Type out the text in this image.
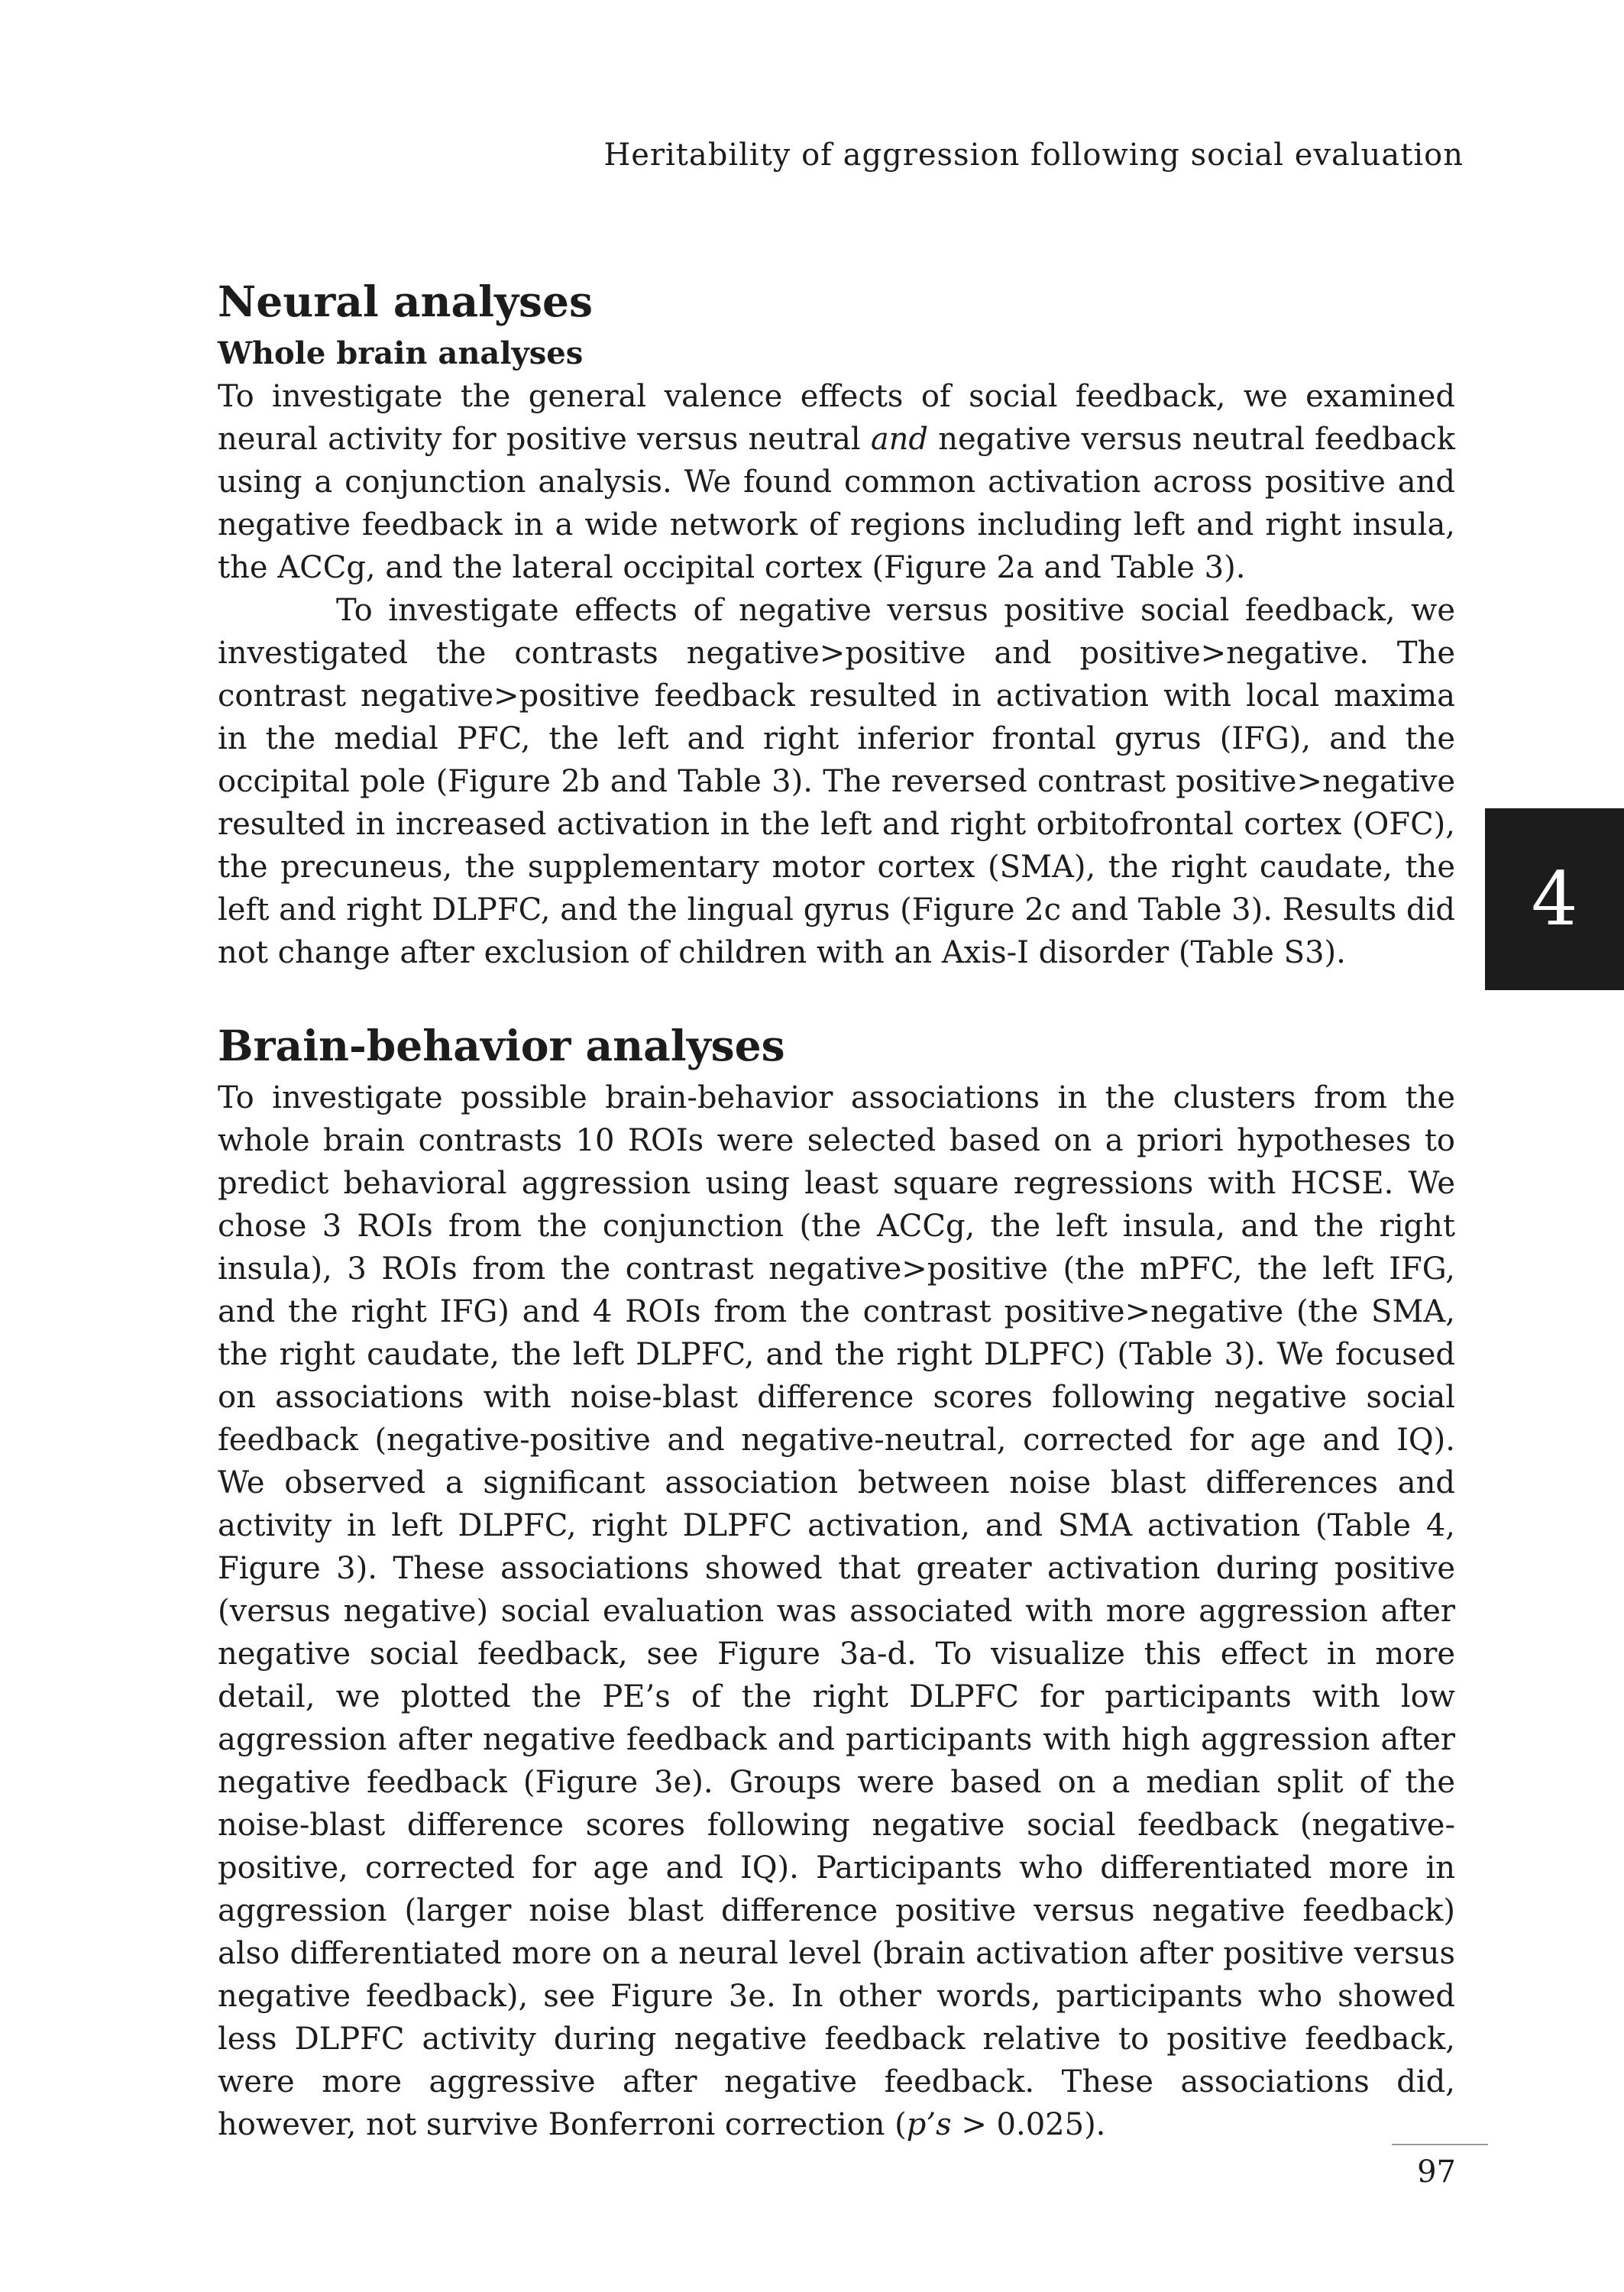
Heritability of aggression following social evaluation
Neural analyses
Whole brain analyses

To investigate the general valence effects of social feedback, we examined neural activity for positive versus neutral and negative versus neutral feedback using a conjunction analysis. We found common activation across positive and negative feedback in a wide network of regions including left and right insula, the ACCg, and the lateral occipital cortex (Figure 2a and Table 3).

To investigate effects of negative versus positive social feedback, we investigated the contrasts negative>positive and positive>negative. The contrast negative>positive feedback resulted in activation with local maxima in the medial PFC, the left and right inferior frontal gyrus (IFG), and the occipital pole (Figure 2b and Table 3). The reversed contrast positive>negative resulted in increased activation in the left and right orbitofrontal cortex (OFC), the precuneus, the supplementary motor cortex (SMA), the right caudate, the left and right DLPFC, and the lingual gyrus (Figure 2c and Table 3). Results did not change after exclusion of children with an Axis-I disorder (Table S3).

Brain-behavior analyses

To investigate possible brain-behavior associations in the clusters from the whole brain contrasts 10 ROIs were selected based on a priori hypotheses to predict behavioral aggression using least square regressions with HCSE. We chose 3 ROIs from the conjunction (the ACCg, the left insula, and the right insula), 3 ROIs from the contrast negative>positive (the mPFC, the left IFG, and the right IFG) and 4 ROIs from the contrast positive>negative (the SMA, the right caudate, the left DLPFC, and the right DLPFC) (Table 3). We focused on associations with noise-blast difference scores following negative social feedback (negative-positive and negative-neutral, corrected for age and IQ). We observed a significant association between noise blast differences and activity in left DLPFC, right DLPFC activation, and SMA activation (Table 4, Figure 3). These associations showed that greater activation during positive (versus negative) social evaluation was associated with more aggression after negative social feedback, see Figure 3a-d. To visualize this effect in more detail, we plotted the PE’s of the right DLPFC for participants with low aggression after negative feedback and participants with high aggression after negative feedback (Figure 3e). Groups were based on a median split of the noise-blast difference scores following negative social feedback (negative-positive, corrected for age and IQ). Participants who differentiated more in aggression (larger noise blast difference positive versus negative feedback) also differentiated more on a neural level (brain activation after positive versus negative feedback), see Figure 3e. In other words, participants who showed less DLPFC activity during negative feedback relative to positive feedback, were more aggressive after negative feedback. These associations did, however, not survive Bonferroni correction (p’s > 0.025).

4
97
